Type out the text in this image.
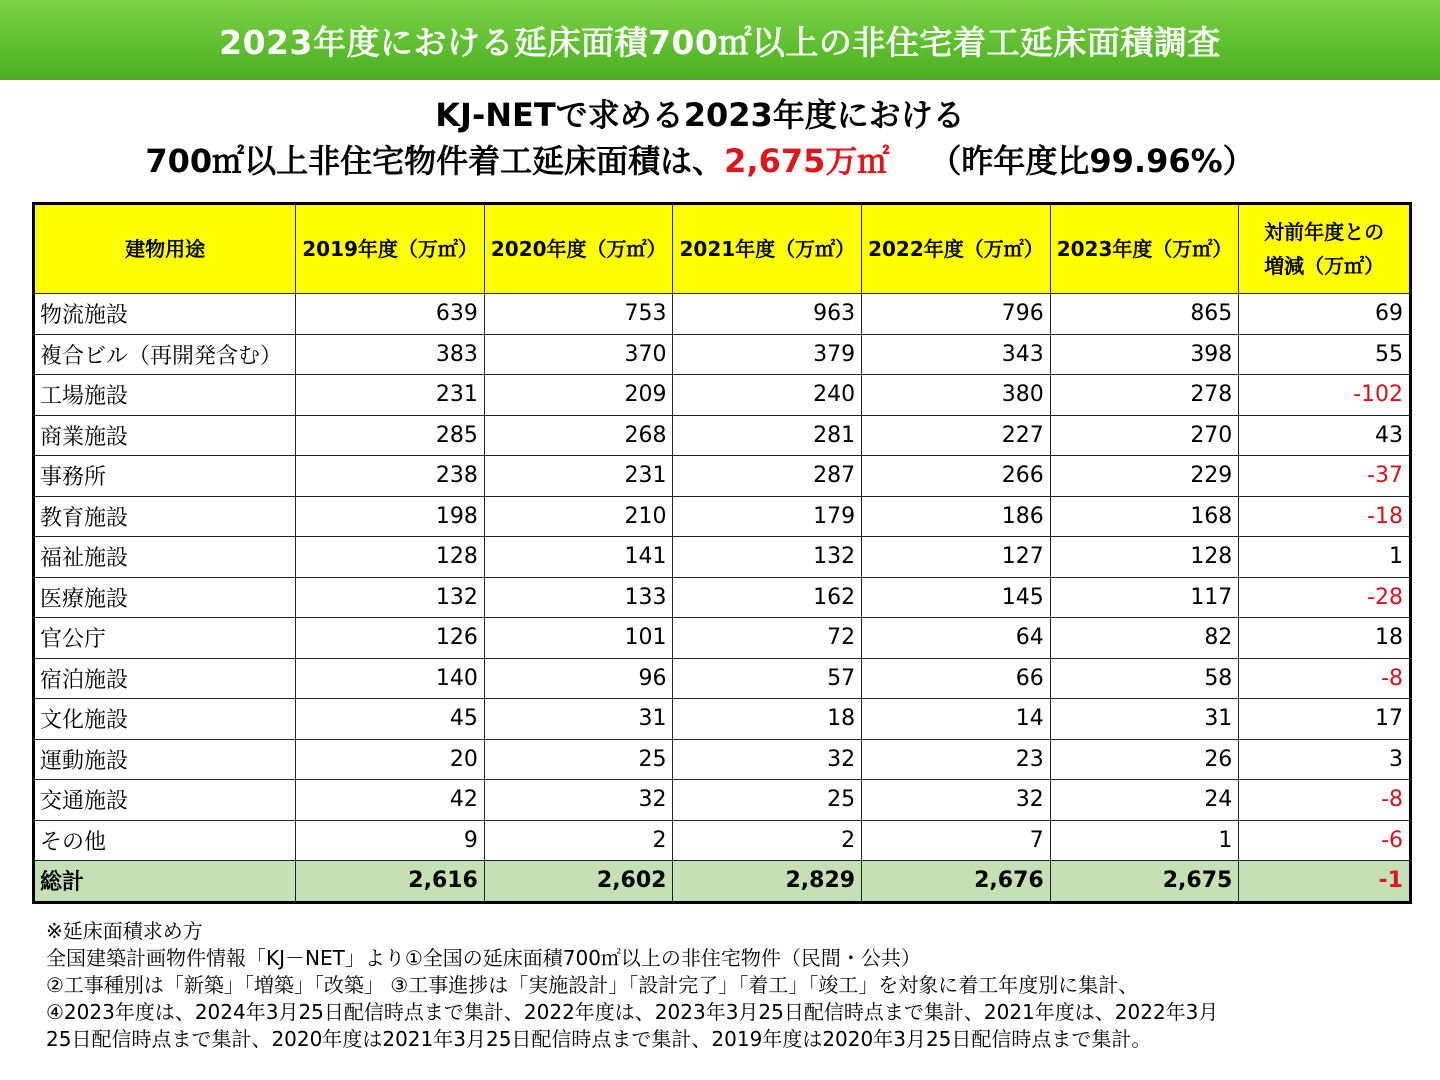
2023年度における延床面積700㎡以上の非住宅着工延床面積調査
KJ-NETで求める2023年度における
700㎡以上非住宅物件着工延床面積は、2,675万㎡ （昨年度比99.96%）
建物用途	2019年度（万㎡）	2020年度（万㎡）	2021年度（万㎡）	2022年度（万㎡）	2023年度（万㎡）	対前年度との
増減（万㎡）
物流施設	639	753	963	796	865	69
複合ビル（再開発含む）	383	370	379	343	398	55
工場施設	231	209	240	380	278	-102
商業施設	285	268	281	227	270	43
事務所	238	231	287	266	229	-37
教育施設	198	210	179	186	168	-18
福祉施設	128	141	132	127	128	1
医療施設	132	133	162	145	117	-28
官公庁	126	101	72	64	82	18
宿泊施設	140	96	57	66	58	-8
文化施設	45	31	18	14	31	17
運動施設	20	25	32	23	26	3
交通施設	42	32	25	32	24	-8
その他	9	2	2	7	1	-6
総計	2,616	2,602	2,829	2,676	2,675	-1
※延床面積求め方
全国建築計画物件情報「KJ－NET」より①全国の延床面積700㎡以上の非住宅物件（民間・公共）
②工事種別は「新築」「増築」「改築」 ③工事進捗は「実施設計」「設計完了」「着工」「竣工」を対象に着工年度別に集計、
④2023年度は、2024年3月25日配信時点まで集計、2022年度は、2023年3月25日配信時点まで集計、2021年度は、2022年3月
25日配信時点まで集計、2020年度は2021年3月25日配信時点まで集計、2019年度は2020年3月25日配信時点まで集計。
